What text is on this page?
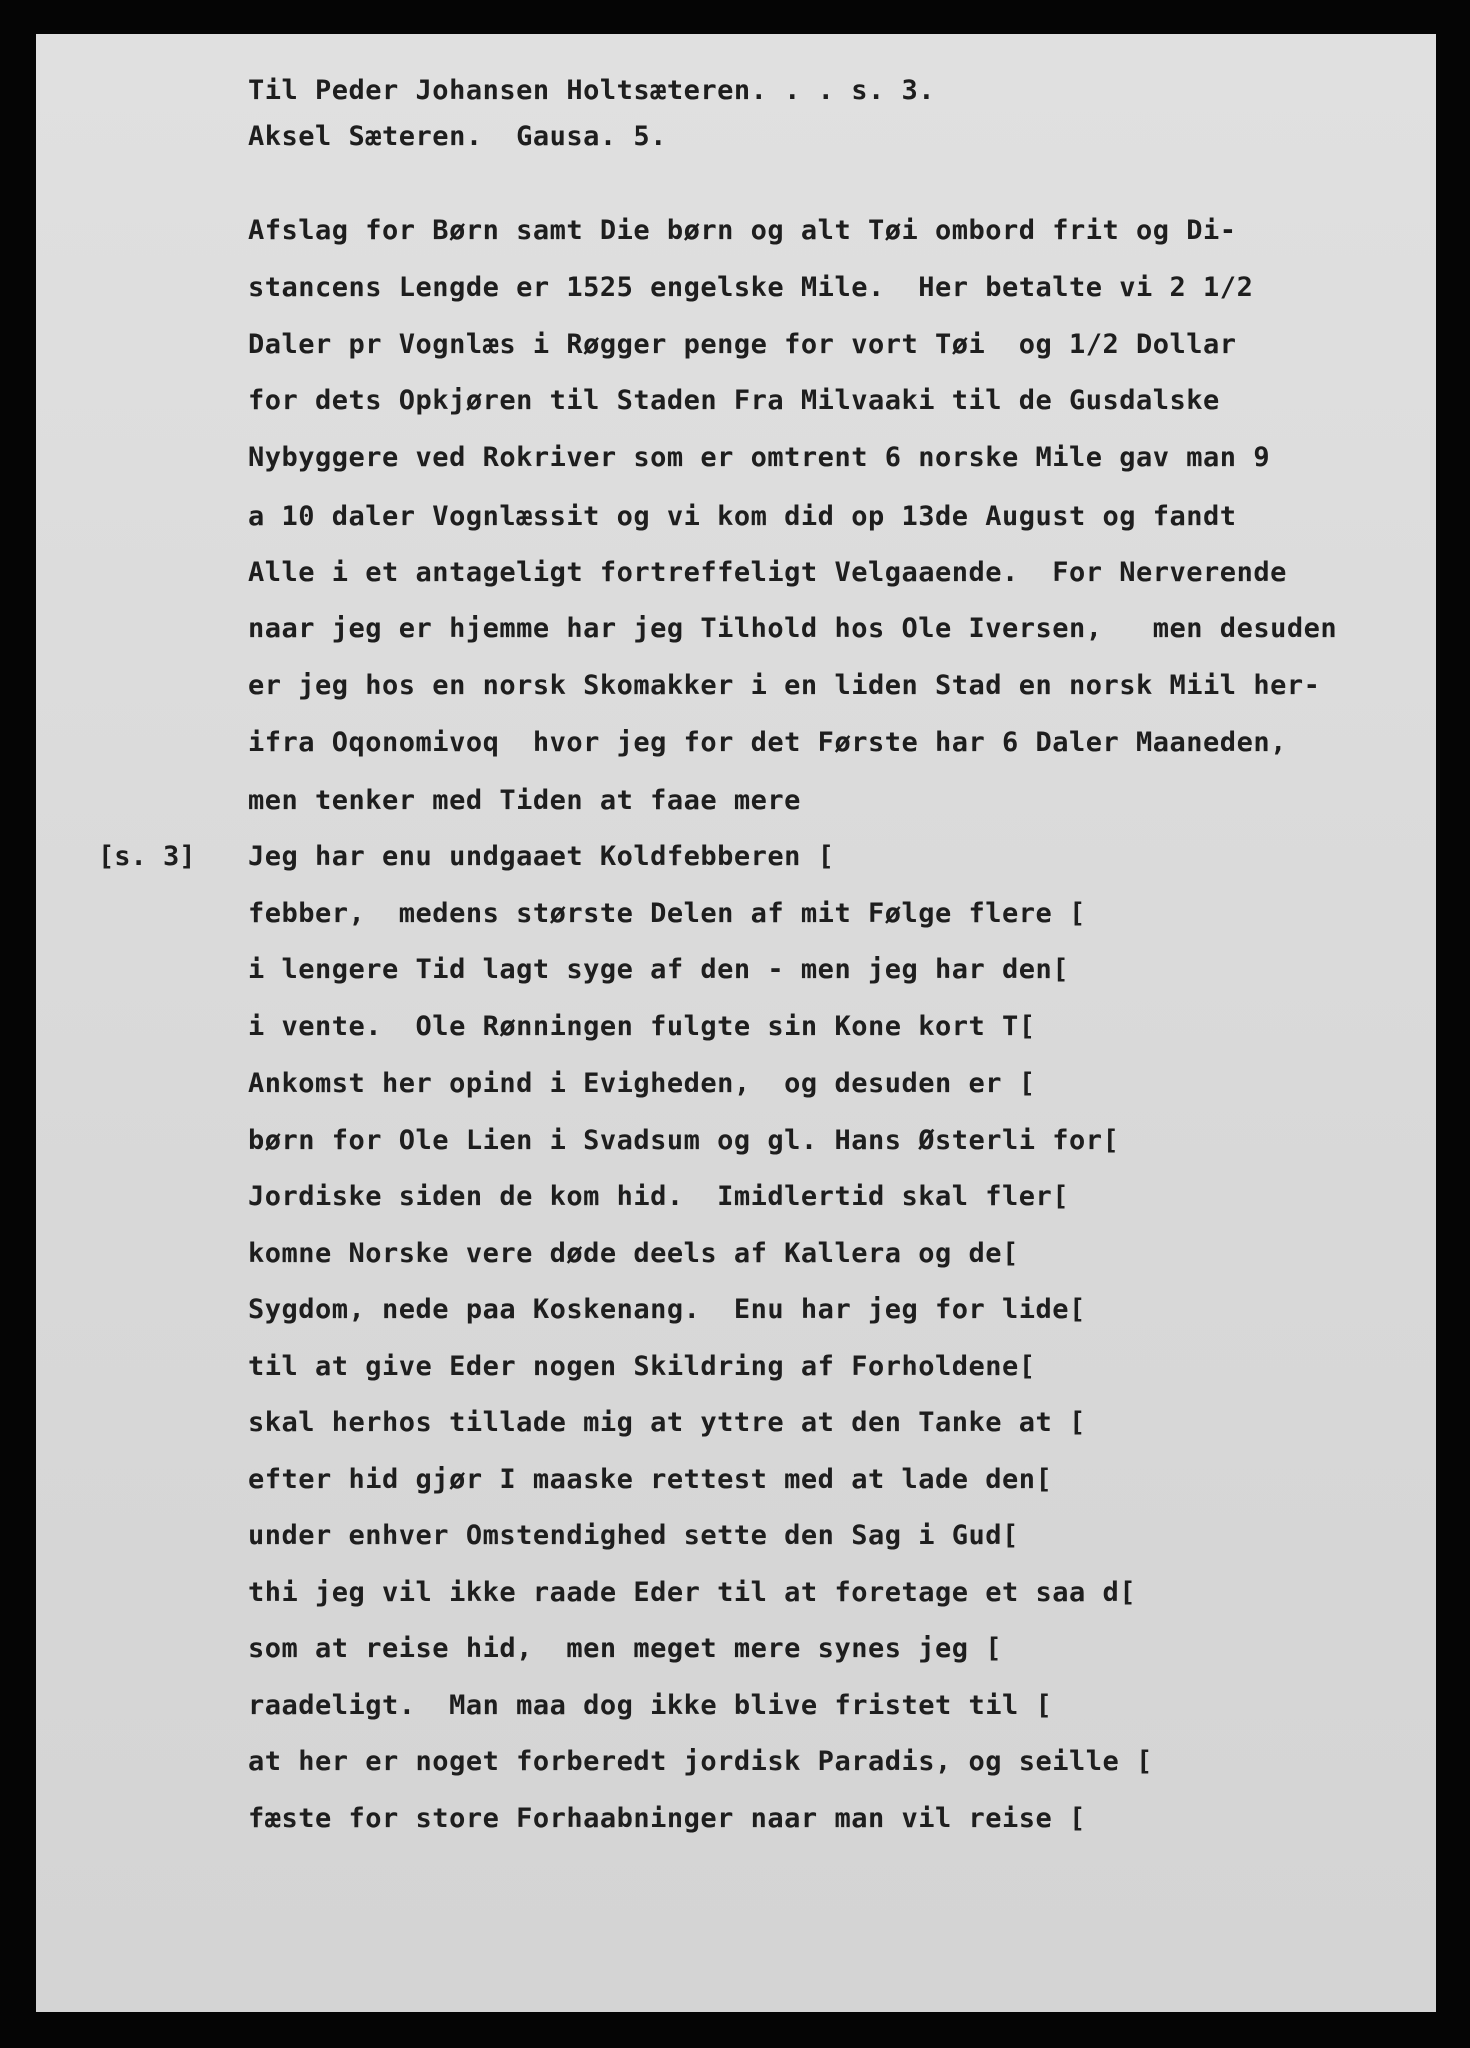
Til Peder Johansen Holtsæteren. . . s. 3.

Aksel Sæteren.  Gausa. 5.

Afslag for Børn samt Die børn og alt Tøi ombord frit og Di-

stancens Lengde er 1525 engelske Mile.  Her betalte vi 2 1/2

Daler pr Vognlæs i Røgger penge for vort Tøi  og 1/2 Dollar

for dets Opkjøren til Staden Fra Milvaaki til de Gusdalske

Nybyggere ved Rokriver som er omtrent 6 norske Mile gav man 9

a 10 daler Vognlæssit og vi kom did op 13de August og fandt

Alle i et antageligt fortreffeligt Velgaaende.  For Nerverende

naar jeg er hjemme har jeg Tilhold hos Ole Iversen,   men desuden

er jeg hos en norsk Skomakker i en liden Stad en norsk Miil her-

ifra Oqonomivoq  hvor jeg for det Første har 6 Daler Maaneden,

men tenker med Tiden at faae mere

[s. 3] Jeg har enu undgaaet Koldfebberen [

febber,  medens største Delen af mit Følge flere [

i lengere Tid lagt syge af den - men jeg har den[

i vente.  Ole Rønningen fulgte sin Kone kort T[

Ankomst her opind i Evigheden,  og desuden er [

børn for Ole Lien i Svadsum og gl. Hans Østerli for[

Jordiske siden de kom hid.  Imidlertid skal fler[

komne Norske vere døde deels af Kallera og de[

Sygdom, nede paa Koskenang.  Enu har jeg for lide[

til at give Eder nogen Skildring af Forholdene[

skal herhos tillade mig at yttre at den Tanke at [

efter hid gjør I maaske rettest med at lade den[

under enhver Omstendighed sette den Sag i Gud[

thi jeg vil ikke raade Eder til at foretage et saa d[

som at reise hid,  men meget mere synes jeg [

raadeligt.  Man maa dog ikke blive fristet til [

at her er noget forberedt jordisk Paradis, og seille [

fæste for store Forhaabninger naar man vil reise [
